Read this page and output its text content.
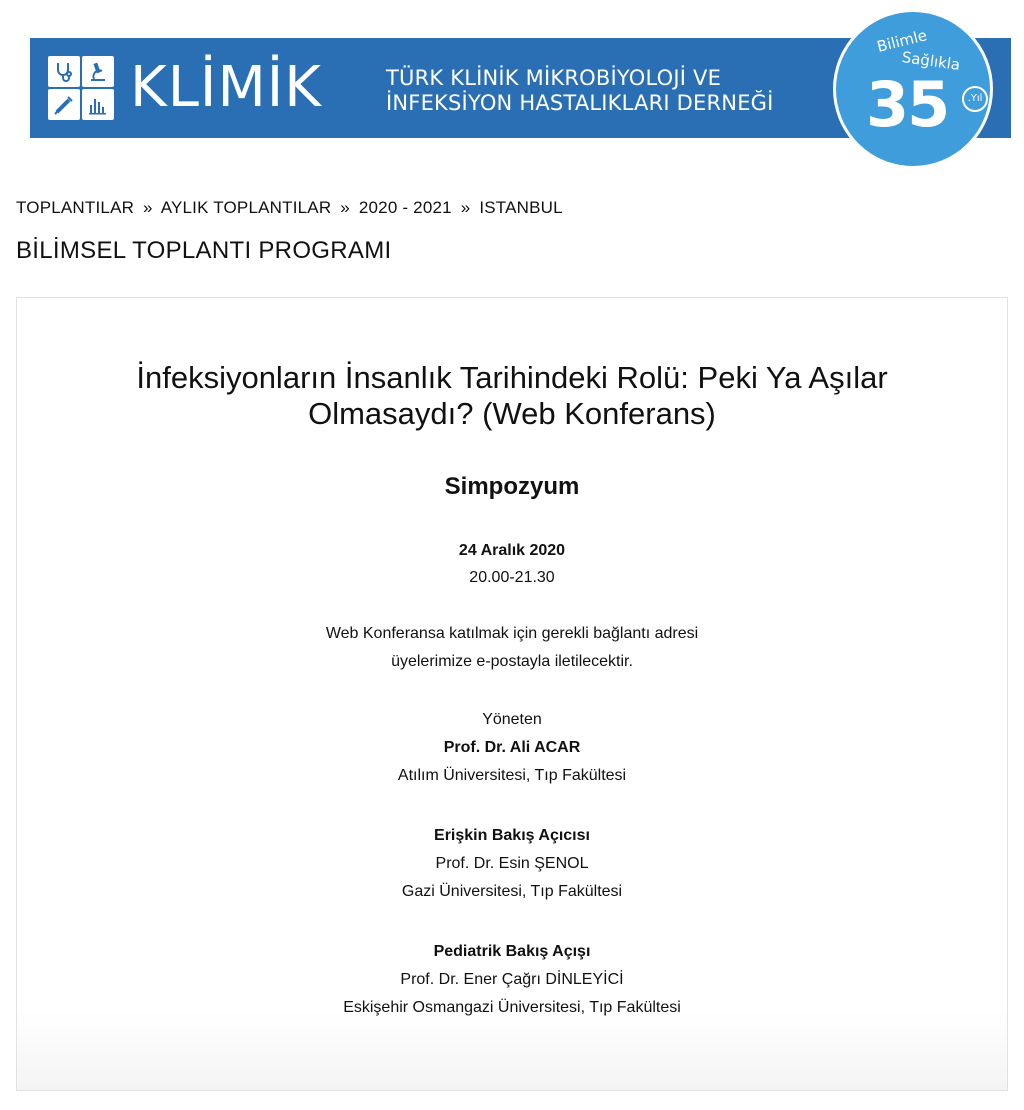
KLİMİK	TÜRK KLİNİK MİKROBİYOLOJİ VE
İNFEKSİYON HASTALIKLARI DERNEĞİ
Bilimle
Sağlıkla
35	.Yıl
TOPLANTILAR » AYLIK TOPLANTILAR » 2020 - 2021 » ISTANBUL
BİLİMSEL TOPLANTI PROGRAMI
İnfeksiyonların İnsanlık Tarihindeki Rolü: Peki Ya Aşılar
Olmasaydı? (Web Konferans)
Simpozyum
24 Aralık 2020
20.00-21.30
Web Konferansa katılmak için gerekli bağlantı adresi
üyelerimize e-postayla iletilecektir.
Yöneten
Prof. Dr. Ali ACAR
Atılım Üniversitesi, Tıp Fakültesi
Erişkin Bakış Açıcısı
Prof. Dr. Esin ŞENOL
Gazi Üniversitesi, Tıp Fakültesi
Pediatrik Bakış Açışı
Prof. Dr. Ener Çağrı DİNLEYİCİ
Eskişehir Osmangazi Üniversitesi, Tıp Fakültesi
